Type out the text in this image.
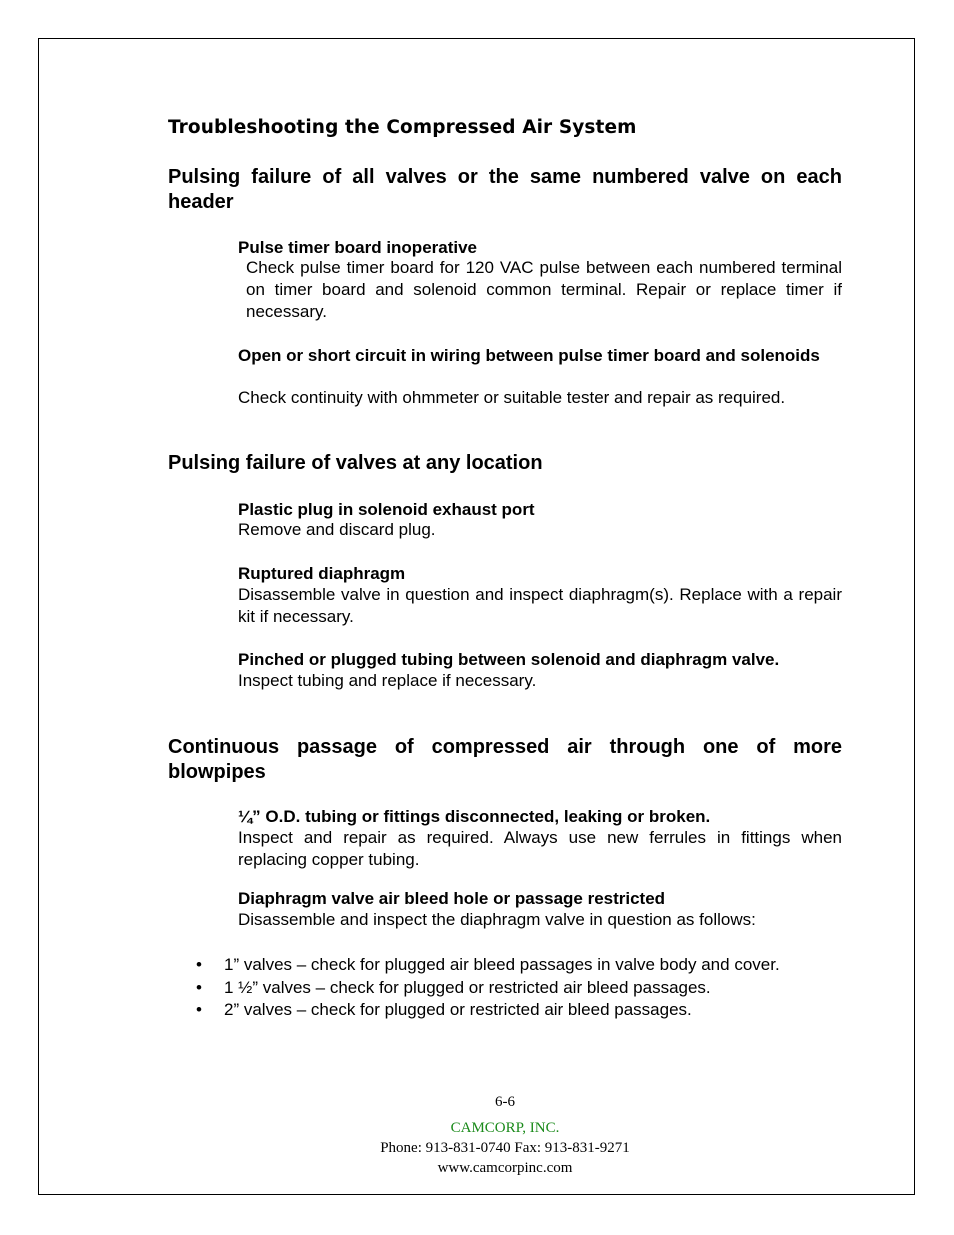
Troubleshooting the Compressed Air System
Pulsing failure of all valves or the same numbered valve on each header
Pulse timer board inoperative
Check pulse timer board for 120 VAC pulse between each numbered terminal on timer board and solenoid common terminal. Repair or replace timer if necessary.
Open or short circuit in wiring between pulse timer board and solenoids
Check continuity with ohmmeter or suitable tester and repair as required.
Pulsing failure of valves at any location
Plastic plug in solenoid exhaust port
Remove and discard plug.
Ruptured diaphragm
Disassemble valve in question and inspect diaphragm(s). Replace with a repair kit if necessary.
Pinched or plugged tubing between solenoid and diaphragm valve.
Inspect tubing and replace if necessary.
Continuous passage of compressed air through one of more blowpipes
¼” O.D. tubing or fittings disconnected, leaking or broken.
Inspect and repair as required. Always use new ferrules in fittings when replacing copper tubing.
Diaphragm valve air bleed hole or passage restricted
Disassemble and inspect the diaphragm valve in question as follows:
•	1” valves – check for plugged air bleed passages in valve body and cover.
•	1 ½” valves – check for plugged or restricted air bleed passages.
•	2” valves – check for plugged or restricted air bleed passages.
6-6
CAMCORP, INC.
Phone: 913-831-0740 Fax: 913-831-9271
www.camcorpinc.com
